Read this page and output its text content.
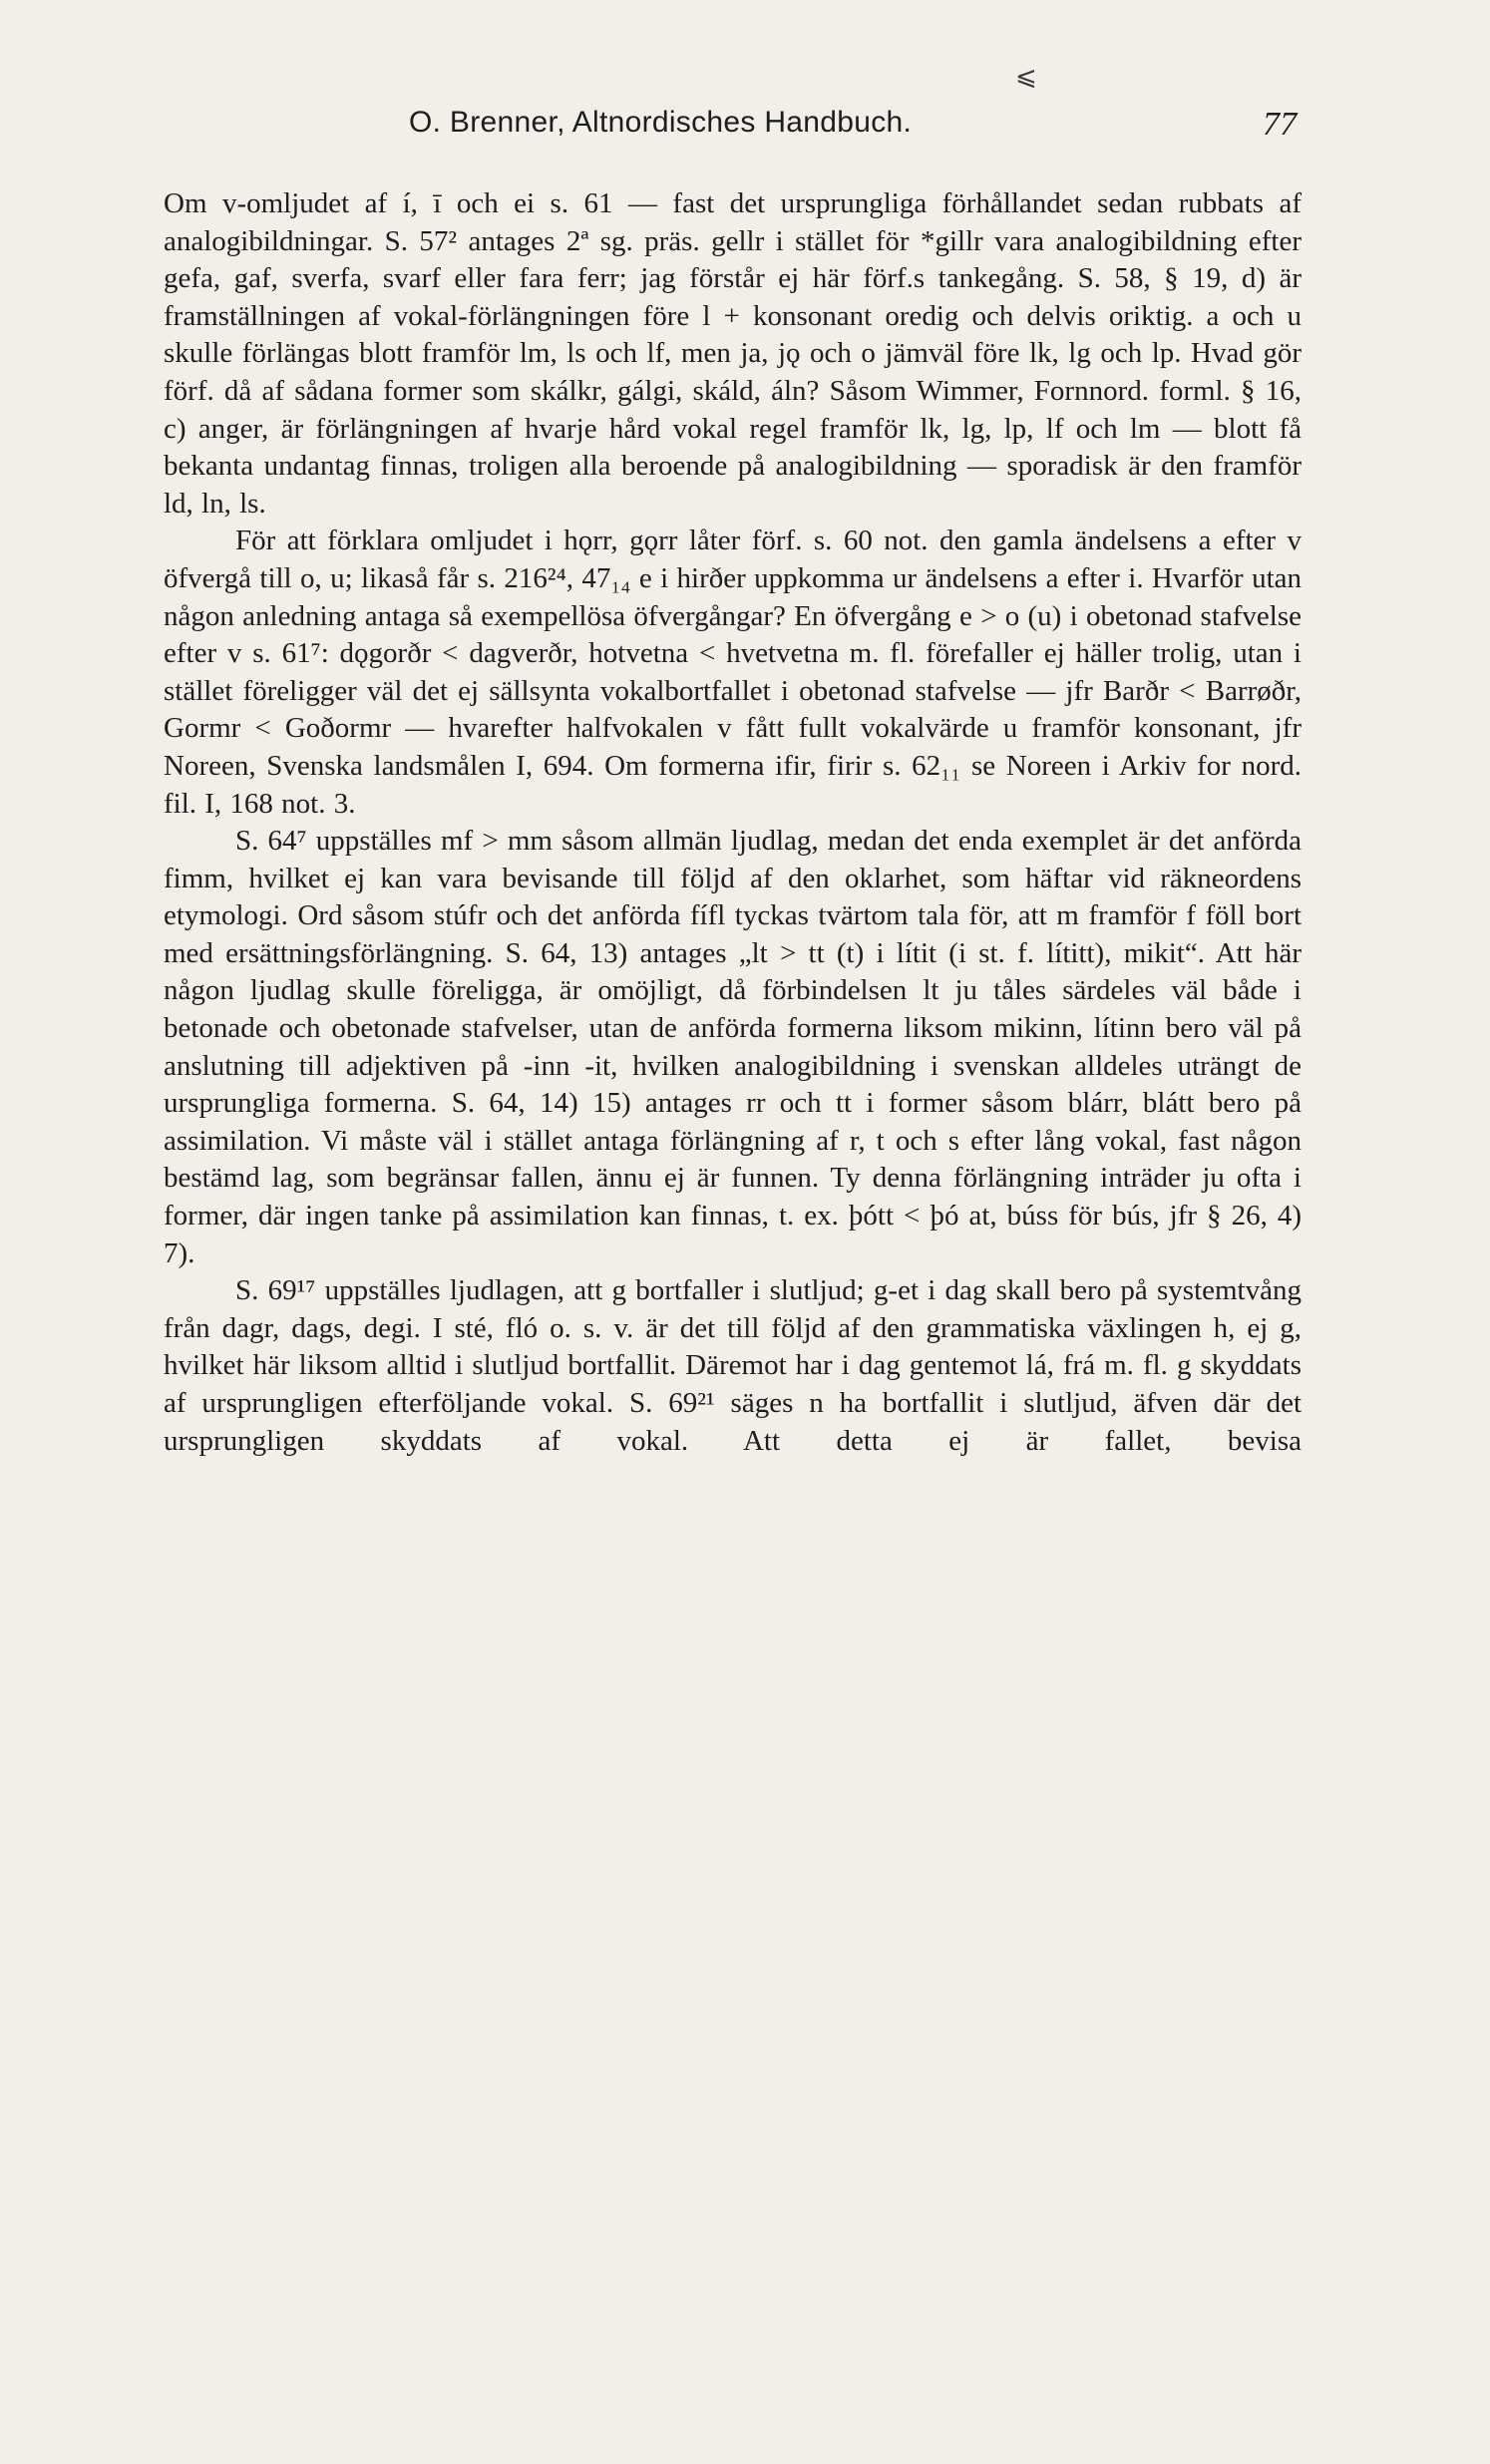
⩽
O. Brenner, Altnordisches Handbuch.	77

Om v-omljudet af í, ī och ei s. 61 — fast det ursprungliga förhållandet sedan rubbats af analogibildningar. S. 57² antages 2ª sg. präs. gellr i stället för *gillr vara analogibildning efter gefa, gaf, sverfa, svarf eller fara ferr; jag förstår ej här förf.s tankegång. S. 58, § 19, d) är framställningen af vokal-förlängningen före l + konsonant oredig och delvis oriktig. a och u skulle förlängas blott framför lm, ls och lf, men ja, jǫ och o jämväl före lk, lg och lp. Hvad gör förf. då af sådana former som skálkr, gálgi, skáld, áln? Såsom Wimmer, Fornnord. forml. § 16, c) anger, är förlängningen af hvarje hård vokal regel framför lk, lg, lp, lf och lm — blott få bekanta undantag finnas, troligen alla beroende på analogibildning — sporadisk är den framför ld, ln, ls.

För att förklara omljudet i hǫrr, gǫrr låter förf. s. 60 not. den gamla ändelsens a efter v öfvergå till o, u; likaså får s. 216²⁴, 47₁₄ e i hirðer uppkomma ur ändelsens a efter i. Hvarför utan någon anledning antaga så exempellösa öfvergångar? En öfvergång e > o (u) i obetonad stafvelse efter v s. 61⁷: dǫgorðr < dagverðr, hotvetna < hvetvetna m. fl. förefaller ej häller trolig, utan i stället föreligger väl det ej sällsynta vokalbortfallet i obetonad stafvelse — jfr Barðr < Barrøðr, Gormr < Goðormr — hvarefter halfvokalen v fått fullt vokalvärde u framför konsonant, jfr Noreen, Svenska landsmålen I, 694. Om formerna ifir, firir s. 62₁₁ se Noreen i Arkiv for nord. fil. I, 168 not. 3.

S. 64⁷ uppställes mf > mm såsom allmän ljudlag, medan det enda exemplet är det anförda fimm, hvilket ej kan vara bevisande till följd af den oklarhet, som häftar vid räkneordens etymologi. Ord såsom stúfr och det anförda fífl tyckas tvärtom tala för, att m framför f föll bort med ersättningsförlängning. S. 64, 13) antages „lt > tt (t) i lítit (i st. f. lítitt), mikit“. Att här någon ljudlag skulle föreligga, är omöjligt, då förbindelsen lt ju tåles särdeles väl både i betonade och obetonade stafvelser, utan de anförda formerna liksom mikinn, lítinn bero väl på anslutning till adjektiven på -inn -it, hvilken analogibildning i svenskan alldeles uträngt de ursprungliga formerna. S. 64, 14) 15) antages rr och tt i former såsom blárr, blátt bero på assimilation. Vi måste väl i stället antaga förlängning af r, t och s efter lång vokal, fast någon bestämd lag, som begränsar fallen, ännu ej är funnen. Ty denna förlängning inträder ju ofta i former, där ingen tanke på assimilation kan finnas, t. ex. þótt < þó at, búss för bús, jfr § 26, 4) 7).

S. 69¹⁷ uppställes ljudlagen, att g bortfaller i slutljud; g-et i dag skall bero på systemtvång från dagr, dags, degi. I sté, fló o. s. v. är det till följd af den grammatiska växlingen h, ej g, hvilket här liksom alltid i slutljud bortfallit. Däremot har i dag gentemot lá, frá m. fl. g skyddats af ursprungligen efterföljande vokal. S. 69²¹ säges n ha bortfallit i slutljud, äfven där det ursprungligen skyddats af vokal. Att detta ej är fallet, bevisa
